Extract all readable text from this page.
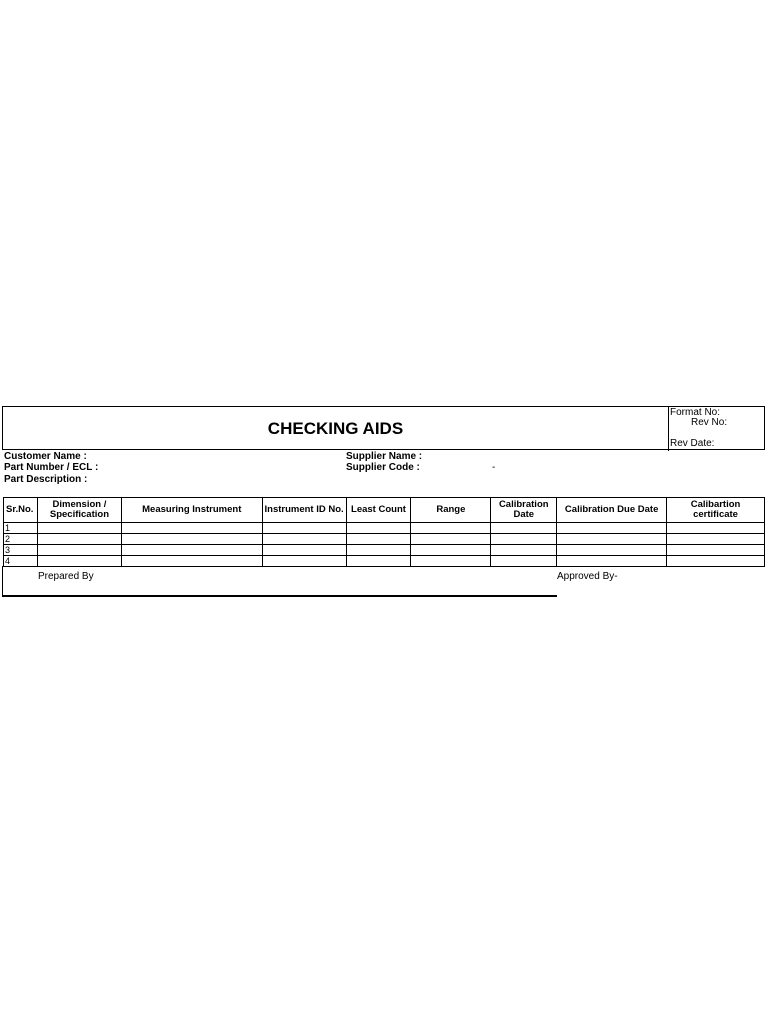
CHECKING AIDS
Format No:
Rev No:
Rev Date:
Customer Name :
Part Number / ECL :
Part Description :
Supplier Name :
Supplier Code :	-
Sr.No.	Dimension / Specification	Measuring Instrument	Instrument ID No.	Least Count	Range	Calibration Date	Calibration Due Date	Calibartion certificate
1								
2								
3								
4								
Prepared By	Approved By-
